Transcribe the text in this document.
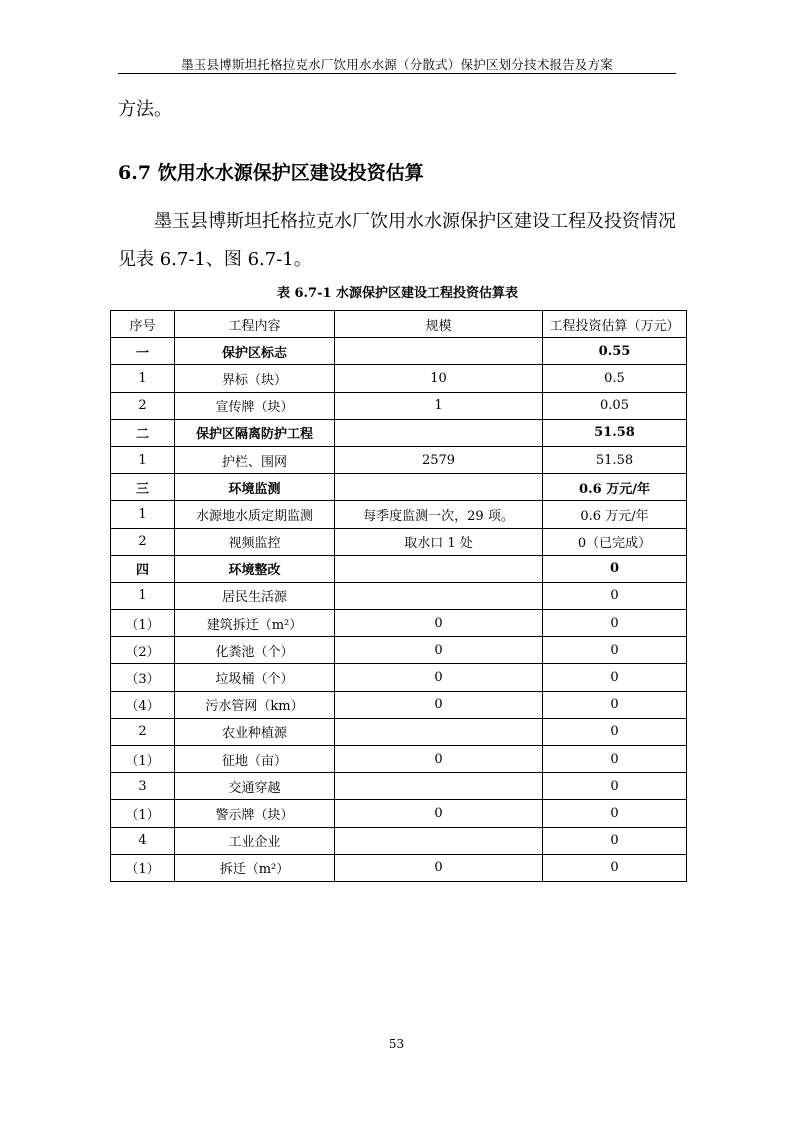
墨玉县博斯坦托格拉克水厂饮用水水源（分散式）保护区划分技术报告及方案
方法。
6.7 饮用水水源保护区建设投资估算
墨玉县博斯坦托格拉克水厂饮用水水源保护区建设工程及投资情况见表 6.7-1、图 6.7-1。
表 6.7-1 水源保护区建设工程投资估算表
序号	工程内容	规模	工程投资估算（万元）
一	保护区标志		0.55
1	界标（块）	10	0.5
2	宣传牌（块）	1	0.05
二	保护区隔离防护工程		51.58
1	护栏、围网	2579	51.58
三	环境监测		0.6 万元/年
1	水源地水质定期监测	每季度监测一次，29 项。	0.6 万元/年
2	视频监控	取水口 1 处	0（已完成）
四	环境整改		0
1	居民生活源		0
（1）	建筑拆迁（m²）	0	0
（2）	化粪池（个）	0	0
（3）	垃圾桶（个）	0	0
（4）	污水管网（km）	0	0
2	农业种植源		0
（1）	征地（亩）	0	0
3	交通穿越		0
（1）	警示牌（块）	0	0
4	工业企业		0
（1）	拆迁（m²）	0	0
53
